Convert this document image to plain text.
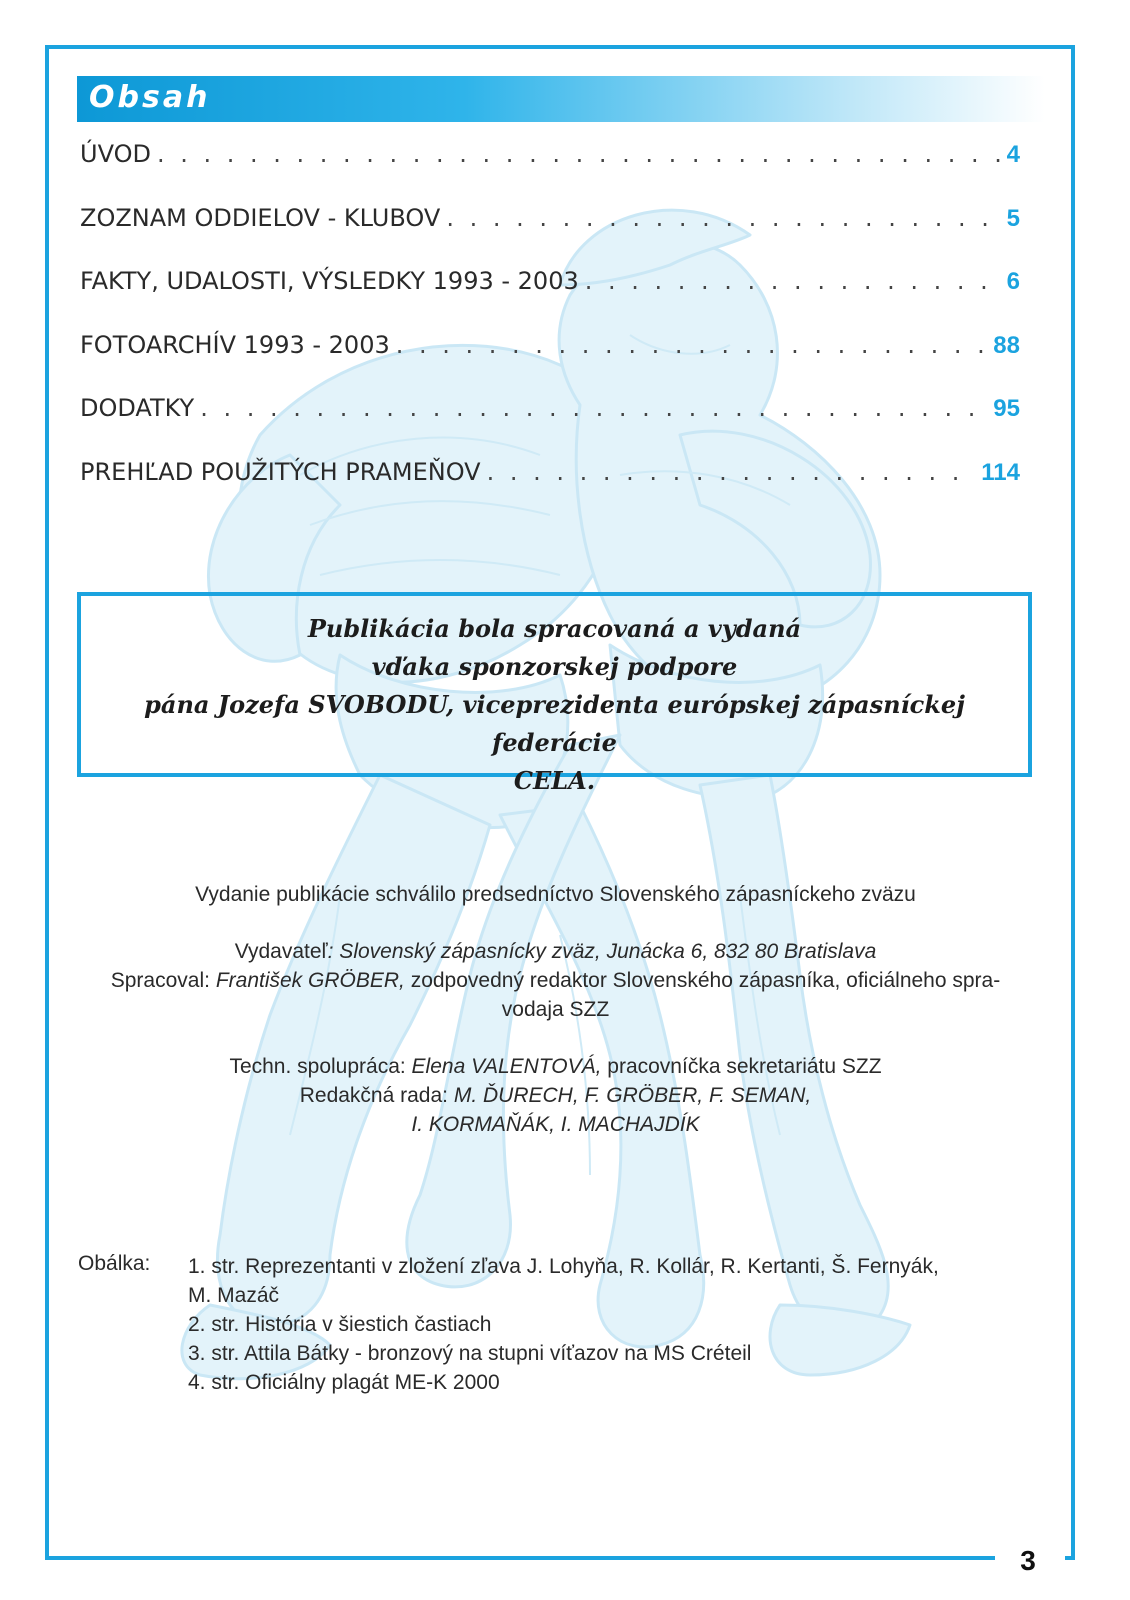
Obsah
ÚVOD . . .	4
ZOZNAM ODDIELOV - KLUBOV . . .	5
FAKTY, UDALOSTI, VÝSLEDKY 1993 - 2003 . . .	6
FOTOARCHÍV 1993 - 2003 . . .	88
DODATKY . . .	95
PREHĽAD POUŽITÝCH PRAMEŇOV . . .	114
Publikácia bola spracovaná a vydaná
vďaka sponzorskej podpore
pána Jozefa SVOBODU, viceprezidenta európskej zápasníckej federácie
CELA.
Vydanie publikácie schválilo predsedníctvo Slovenského zápasníckeho zväzu
Vydavateľ: Slovenský zápasnícky zväz, Junácka 6, 832 80 Bratislava
Spracoval: František GRÖBER, zodpovedný redaktor Slovenského zápasníka, oficiálneho spra-
vodaja SZZ
Techn. spolupráca: Elena VALENTOVÁ, pracovníčka sekretariátu SZZ
Redakčná rada: M. ĎURECH, F. GRÖBER, F. SEMAN,
I. KORMAŇÁK, I. MACHAJDÍK
Obálka: 1. str. Reprezentanti v zložení zľava J. Lohyňa, R. Kollár, R. Kertanti, Š. Fernyák,
M. Mazáč
2. str. História v šiestich častiach
3. str. Attila Bátky - bronzový na stupni víťazov na MS Créteil
4. str. Oficiálny plagát ME-K 2000
3
